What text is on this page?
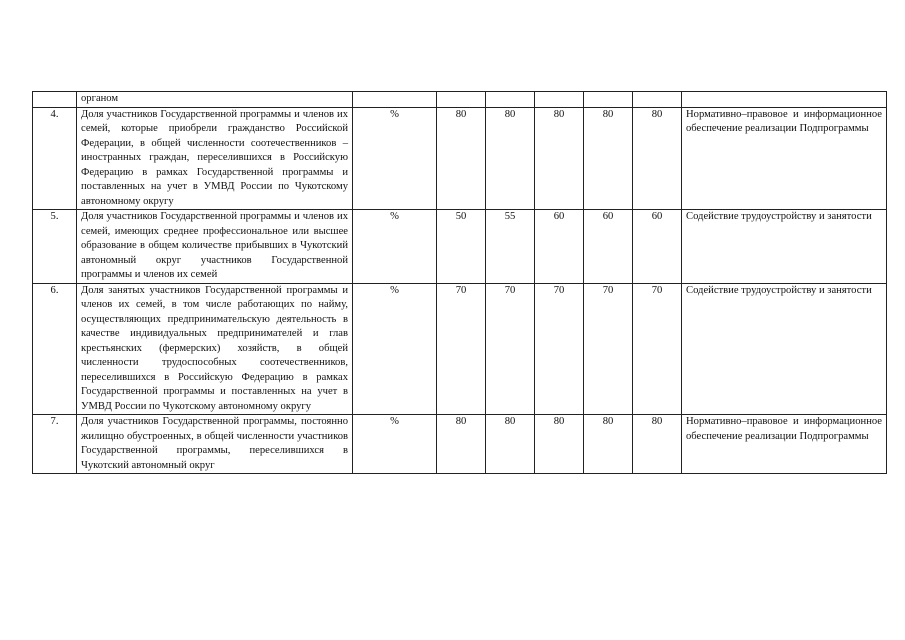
	органом							
4.	Доля участников Государственной программы и членов их семей, которые приобрели гражданство Российской Федерации, в общей численности соотечественников – иностранных граждан, переселившихся в Российскую Федерацию в рамках Государственной программы и поставленных на учет в УМВД России по Чукотскому автономному округу	%	80	80	80	80	80	Нормативно–правовое и информационное обеспечение реализации Подпрограммы
5.	Доля участников Государственной программы и членов их семей, имеющих среднее профессиональное или высшее образование в общем количестве прибывших в Чукотский автономный округ участников Государственной программы и членов их семей	%	50	55	60	60	60	Содействие трудоустройству и занятости
6.	Доля занятых участников Государственной программы и членов их семей, в том числе работающих по найму, осуществляющих предпринимательскую деятельность в качестве индивидуальных предпринимателей и глав крестьянских (фермерских) хозяйств, в общей численности трудоспособных соотечественников, переселившихся в Российскую Федерацию в рамках Государственной программы и поставленных на учет в УМВД России по Чукотскому автономному округу	%	70	70	70	70	70	Содействие трудоустройству и занятости
7.	Доля участников Государственной программы, постоянно жилищно обустроенных, в общей численности участников Государственной программы, переселившихся в Чукотский автономный округ	%	80	80	80	80	80	Нормативно–правовое и информационное обеспечение реализации Подпрограммы
